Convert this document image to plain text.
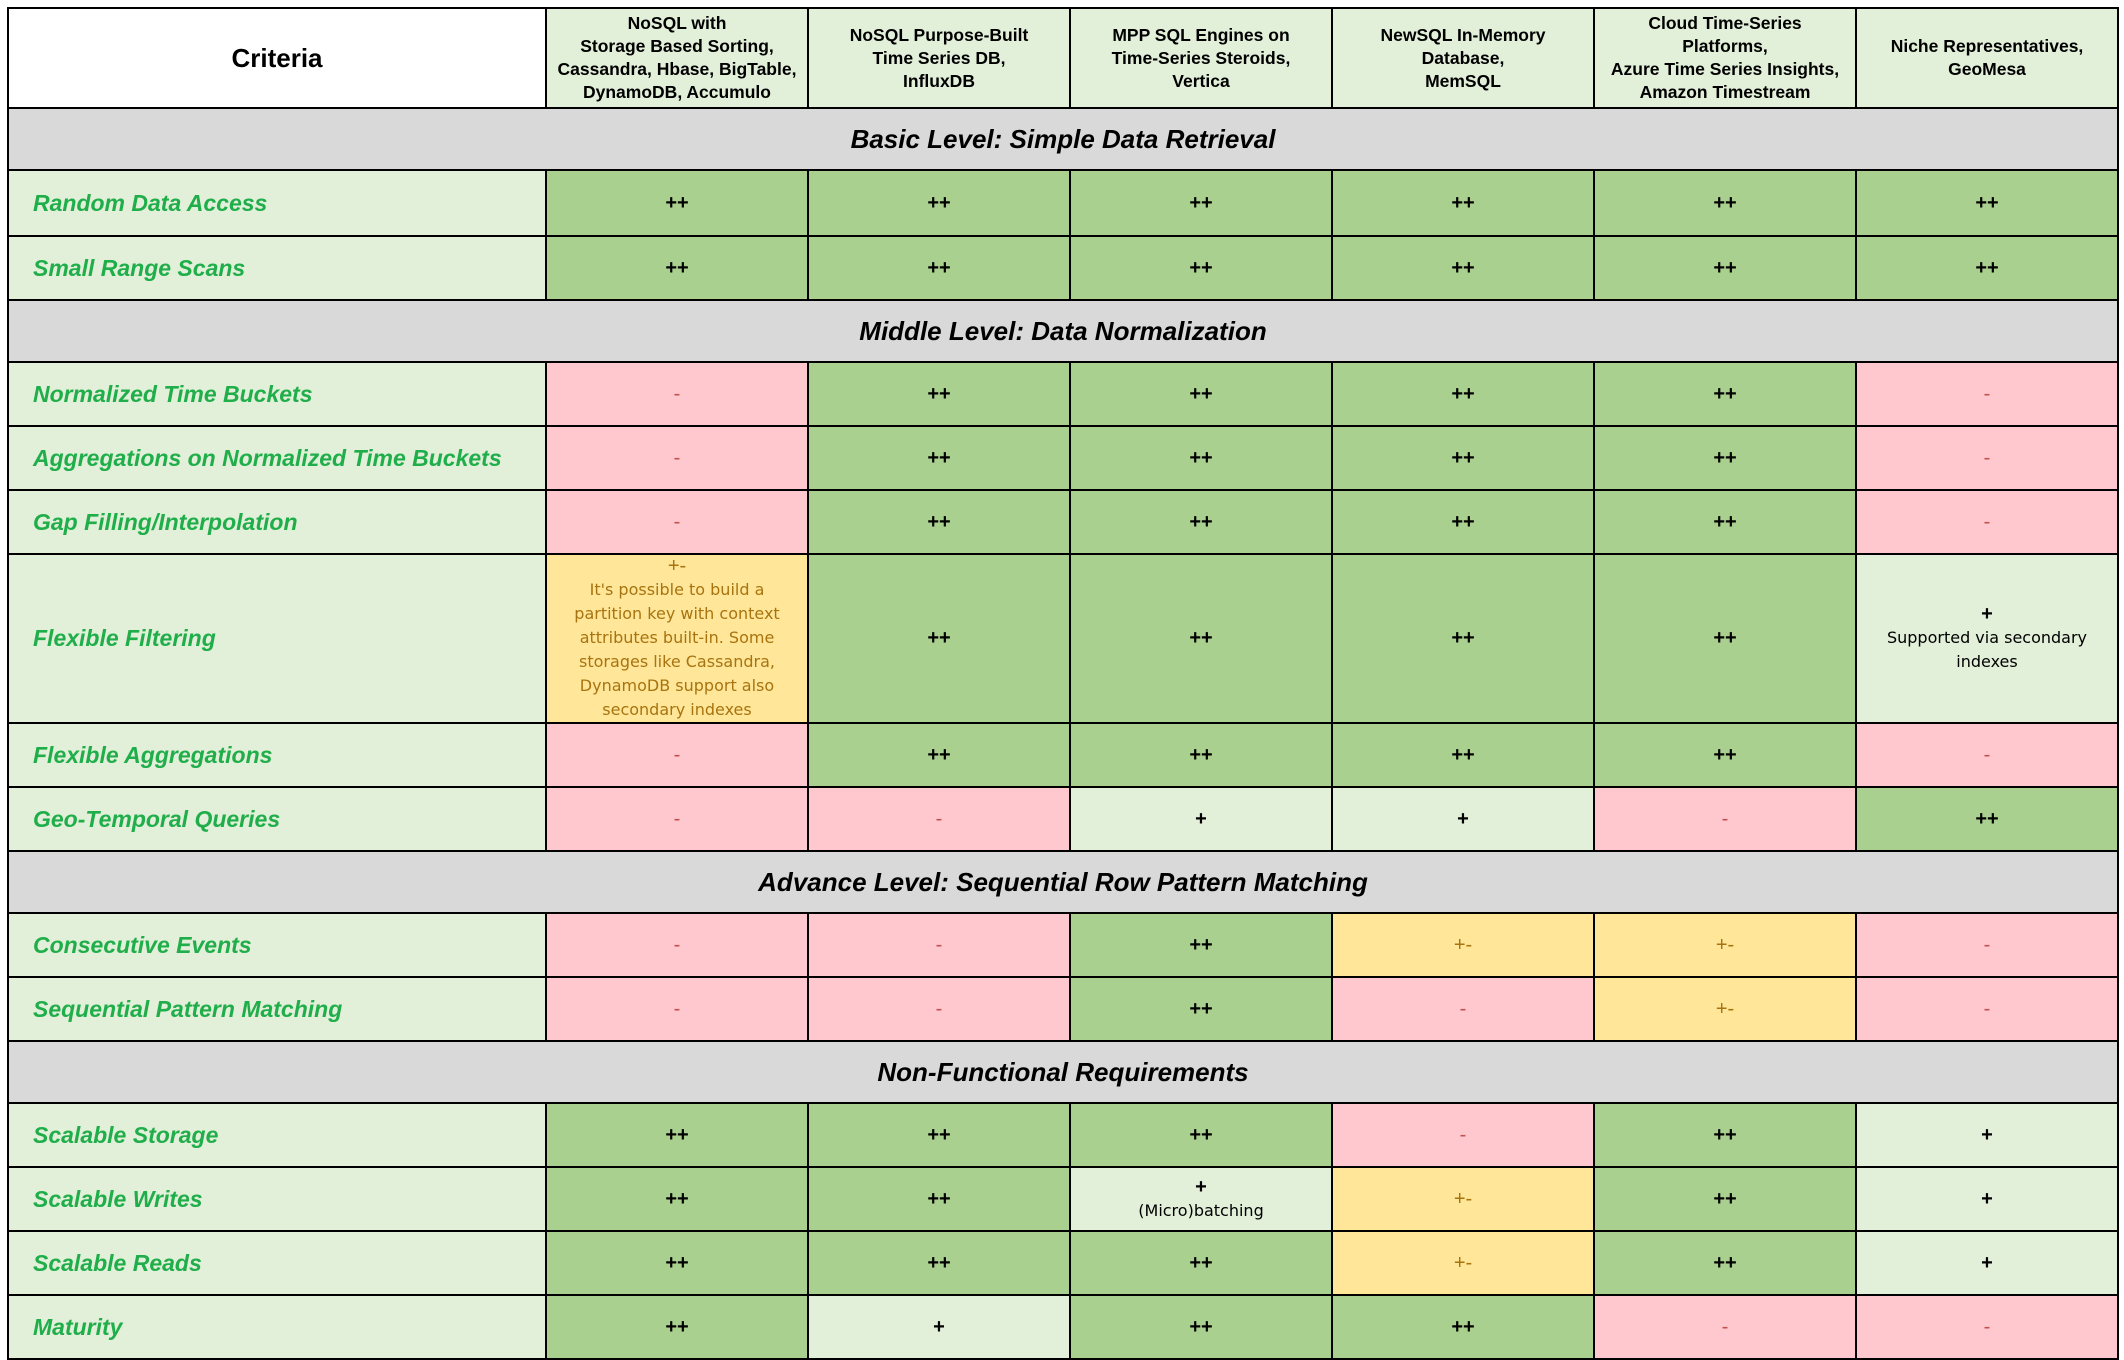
Criteria	NoSQL with
Storage Based Sorting,
Cassandra, Hbase, BigTable,
DynamoDB, Accumulo	NoSQL Purpose-Built
Time Series DB,
InfluxDB	MPP SQL Engines on
Time-Series Steroids,
Vertica	NewSQL In-Memory
Database,
MemSQL	Cloud Time-Series
Platforms,
Azure Time Series Insights,
Amazon Timestream	Niche Representatives,
GeoMesa

Basic Level: Simple Data Retrieval						
Random Data Access	++	++	++	++	++	++

Small Range Scans	++	++	++	++	++	++

Middle Level: Data Normalization						
Normalized Time Buckets	-	++	++	++	++	-

Aggregations on Normalized Time Buckets	-	++	++	++	++	-

Gap Filling/Interpolation	-	++	++	++	++	-

Flexible Filtering	+-
It's possible to build a partition key with context attributes built-in. Some storages like Cassandra, DynamoDB support also secondary indexes	++	++	++	++	+
Supported via secondary indexes

Flexible Aggregations	-	++	++	++	++	-

Geo-Temporal Queries	-	-	+	+	-	++

Advance Level: Sequential Row Pattern Matching						
Consecutive Events	-	-	++	+-	+-	-

Sequential Pattern Matching	-	-	++	-	+-	-

Non-Functional Requirements						
Scalable Storage	++	++	++	-	++	+

Scalable Writes	++	++	+
(Micro)batching	+-	++	+

Scalable Reads	++	++	++	+-	++	+

Maturity	++	+	++	++	-	-
